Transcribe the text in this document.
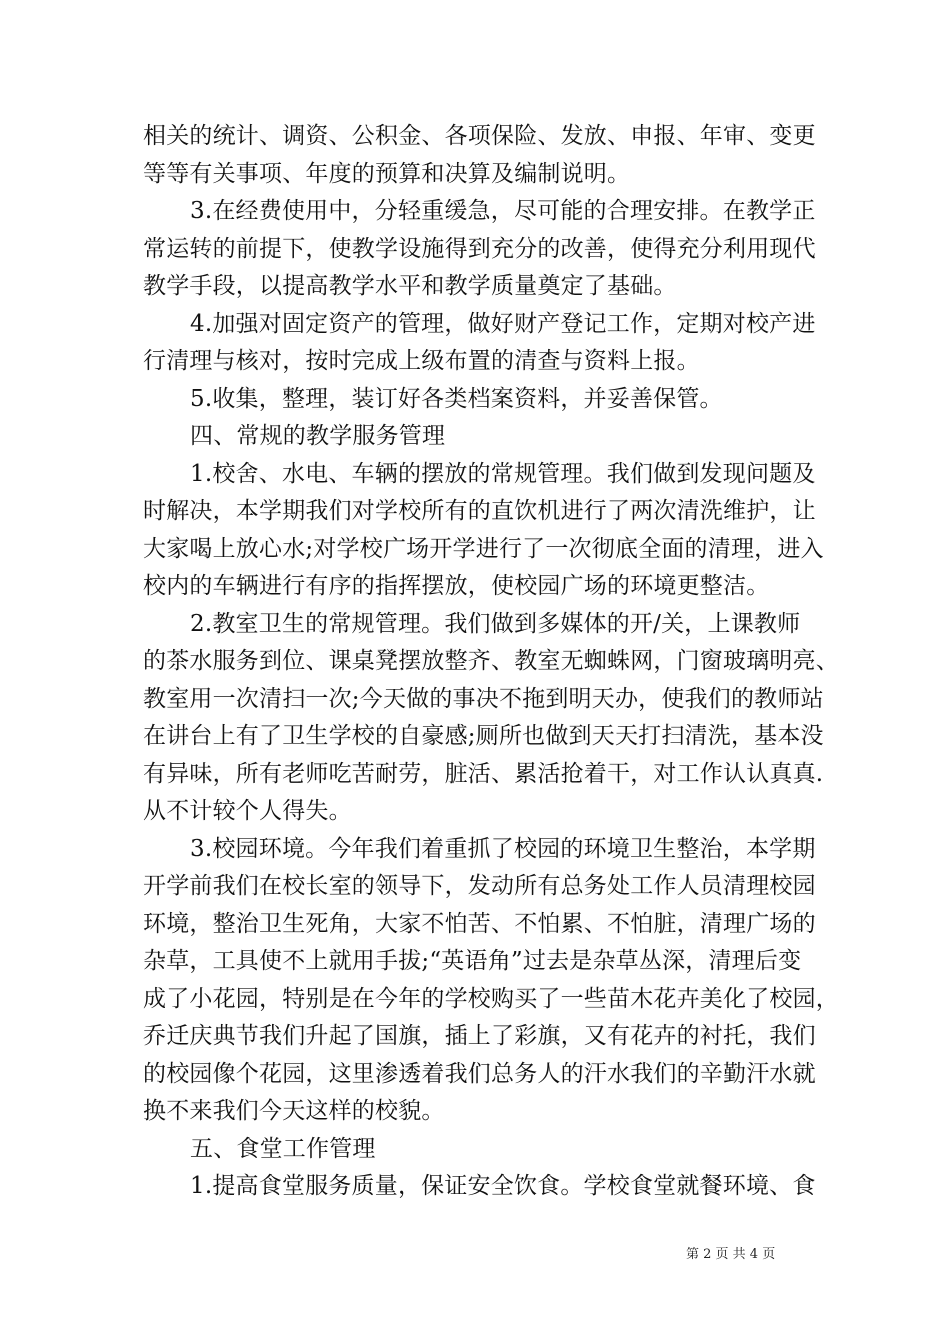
相关的统计、调资、公积金、各项保险、发放、申报、年审、变更
等等有关事项、年度的预算和决算及编制说明。
3.在经费使用中，分轻重缓急，尽可能的合理安排。在教学正
常运转的前提下，使教学设施得到充分的改善，使得充分利用现代
教学手段，以提高教学水平和教学质量奠定了基础。
4.加强对固定资产的管理，做好财产登记工作，定期对校产进
行清理与核对，按时完成上级布置的清查与资料上报。
5.收集，整理，装订好各类档案资料，并妥善保管。
四、常规的教学服务管理
1.校舍、水电、车辆的摆放的常规管理。我们做到发现问题及
时解决，本学期我们对学校所有的直饮机进行了两次清洗维护，让
大家喝上放心水;对学校广场开学进行了一次彻底全面的清理，进入
校内的车辆进行有序的指挥摆放，使校园广场的环境更整洁。
2.教室卫生的常规管理。我们做到多媒体的开/关，上课教师
的茶水服务到位、课桌凳摆放整齐、教室无蜘蛛网，门窗玻璃明亮、
教室用一次清扫一次;今天做的事决不拖到明天办，使我们的教师站
在讲台上有了卫生学校的自豪感;厕所也做到天天打扫清洗，基本没
有异味，所有老师吃苦耐劳，脏活、累活抢着干，对工作认认真真.
从不计较个人得失。
3.校园环境。今年我们着重抓了校园的环境卫生整治，本学期
开学前我们在校长室的领导下，发动所有总务处工作人员清理校园
环境，整治卫生死角，大家不怕苦、不怕累、不怕脏，清理广场的
杂草，工具使不上就用手拔;“英语角”过去是杂草丛深，清理后变
成了小花园，特别是在今年的学校购买了一些苗木花卉美化了校园，
乔迁庆典节我们升起了国旗，插上了彩旗，又有花卉的衬托，我们
的校园像个花园，这里渗透着我们总务人的汗水我们的辛勤汗水就
换不来我们今天这样的校貌。
五、食堂工作管理
1.提高食堂服务质量，保证安全饮食。学校食堂就餐环境、食
第 2 页 共 4 页
